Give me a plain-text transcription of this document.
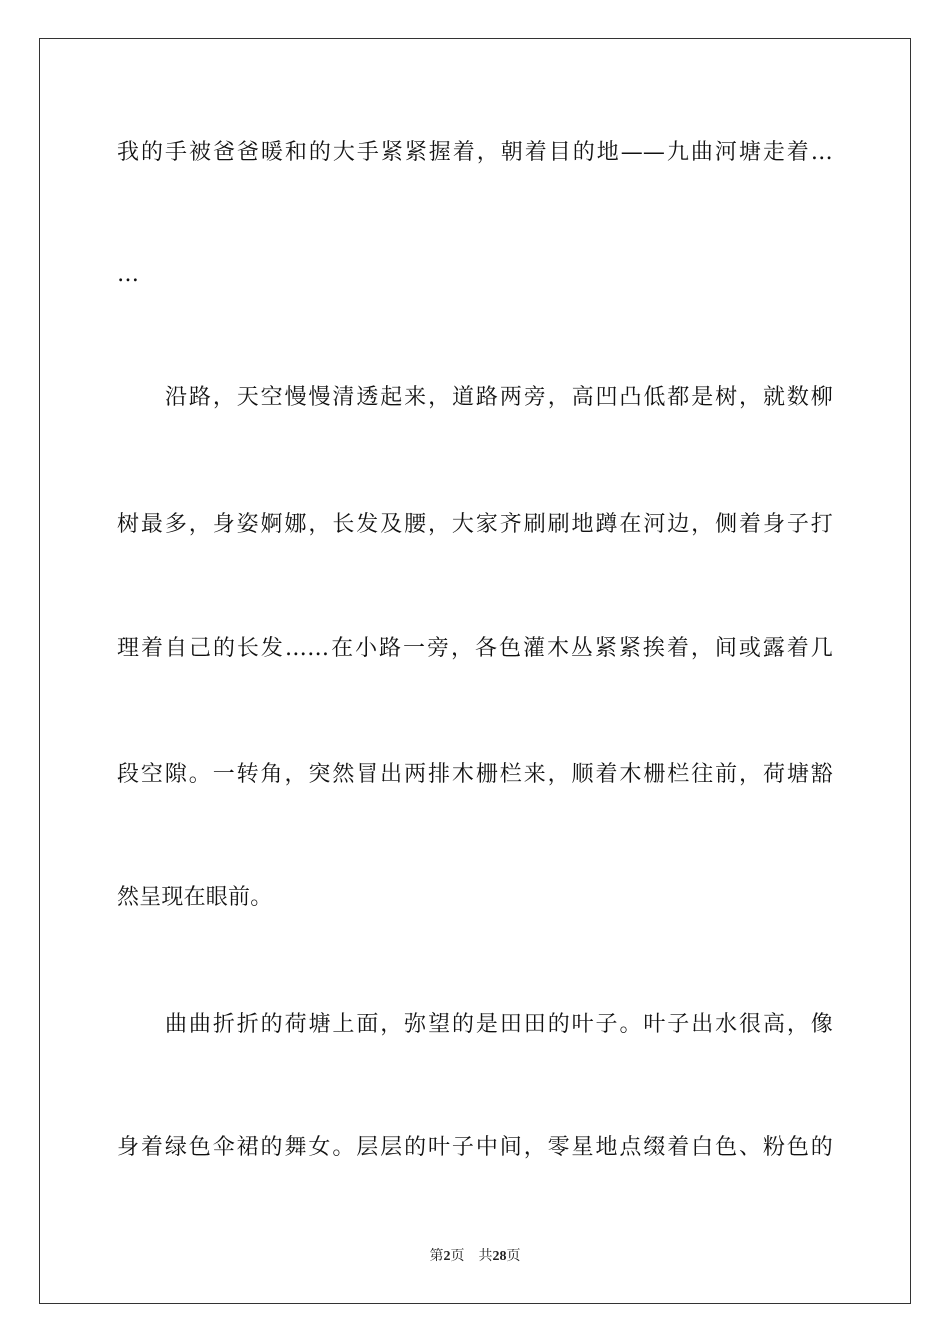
我的手被爸爸暖和的大手紧紧握着，朝着目的地——九曲河塘走着…
…
沿路，天空慢慢清透起来，道路两旁，高凹凸低都是树，就数柳
树最多，身姿婀娜，长发及腰，大家齐刷刷地蹲在河边，侧着身子打
理着自己的长发……在小路一旁，各色灌木丛紧紧挨着，间或露着几
段空隙。一转角，突然冒出两排木栅栏来，顺着木栅栏往前，荷塘豁
然呈现在眼前。
曲曲折折的荷塘上面，弥望的是田田的叶子。叶子出水很高，像
身着绿色伞裙的舞女。层层的叶子中间，零星地点缀着白色、粉色的
第2页 共28页
